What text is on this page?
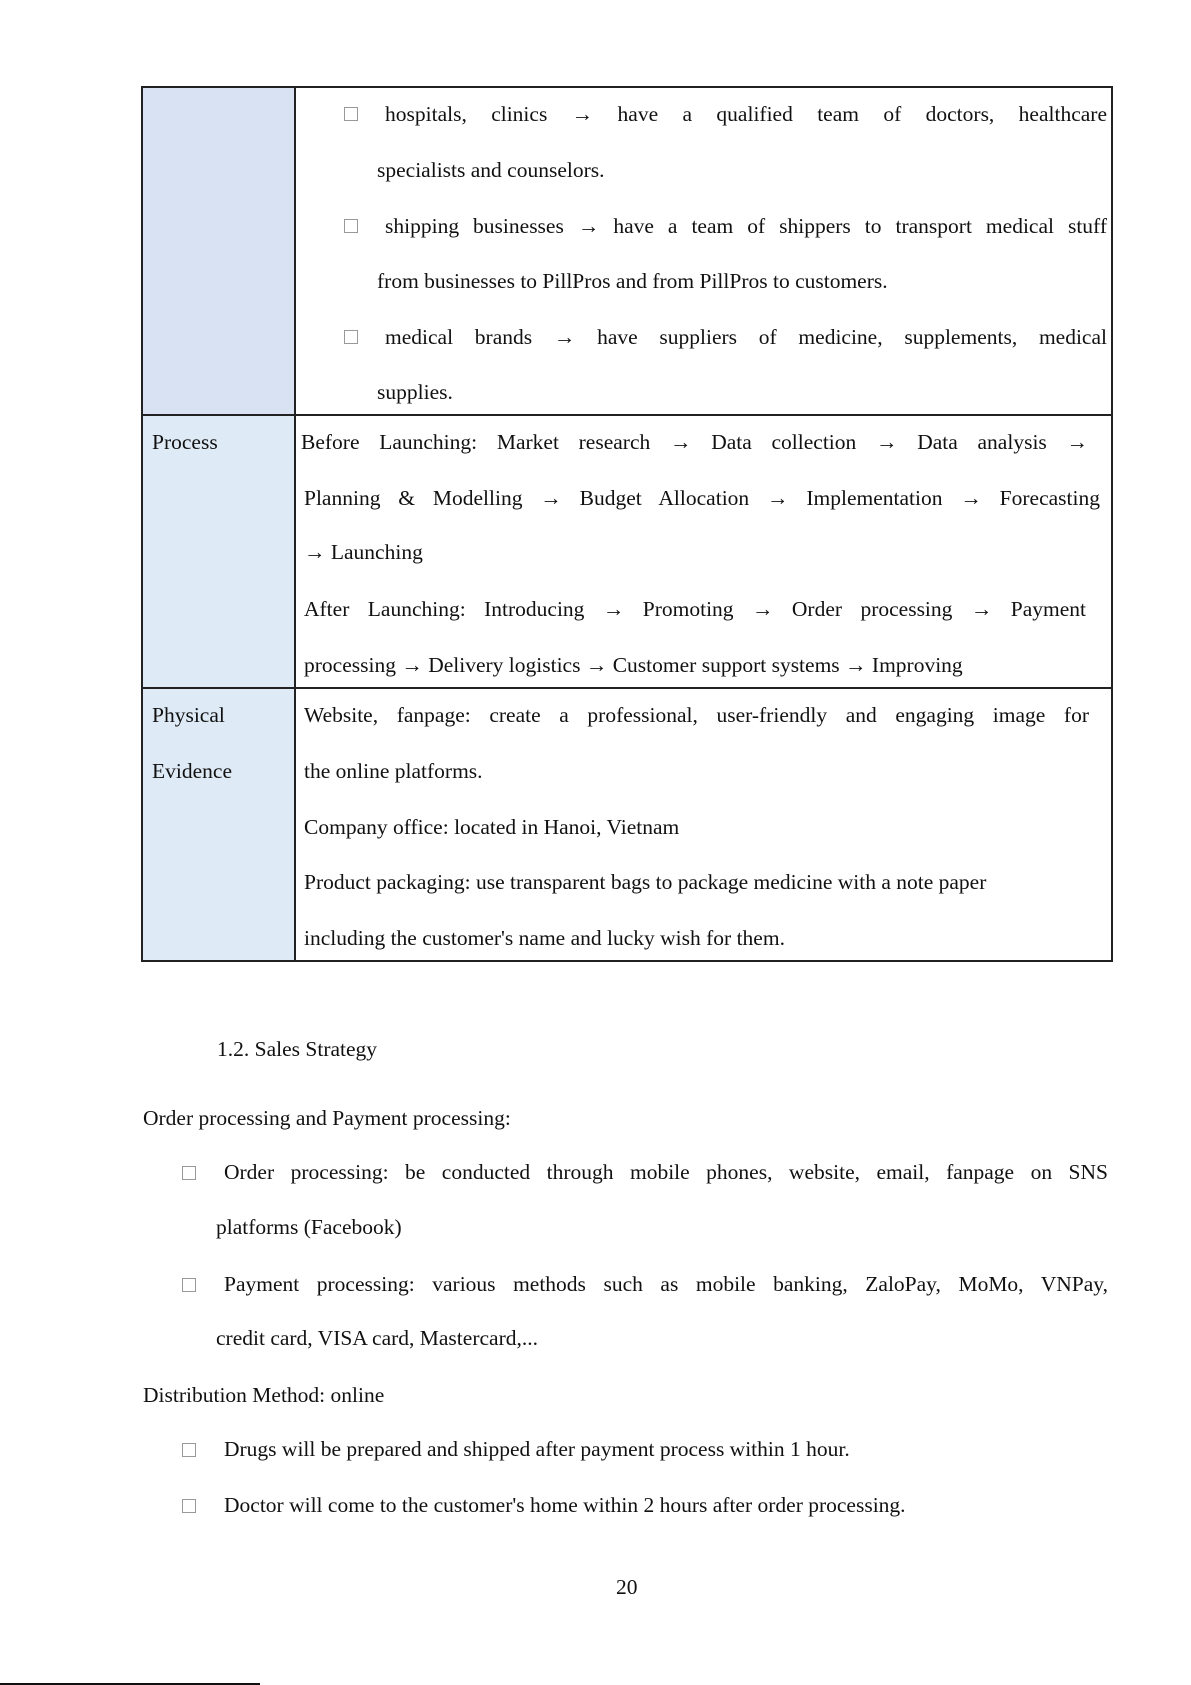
hospitals, clinics → have a qualified team of doctors, healthcare
specialists and counselors.
shipping businesses → have a team of shippers to transport medical stuff
from businesses to PillPros and from PillPros to customers.
medical brands → have suppliers of medicine, supplements, medical
supplies.
Process	Before Launching: Market research → Data collection → Data analysis →
Planning & Modelling → Budget Allocation → Implementation → Forecasting
→ Launching
After Launching: Introducing → Promoting → Order processing → Payment
processing → Delivery logistics → Customer support systems → Improving
Physical
Evidence
Website, fanpage: create a professional, user-friendly and engaging image for
the online platforms.
Company office: located in Hanoi, Vietnam
Product packaging: use transparent bags to package medicine with a note paper
including the customer's name and lucky wish for them.
1.2. Sales Strategy
Order processing and Payment processing:
Order processing: be conducted through mobile phones, website, email, fanpage on SNS
platforms (Facebook)
Payment processing: various methods such as mobile banking, ZaloPay, MoMo, VNPay,
credit card, VISA card, Mastercard,...
Distribution Method: online
Drugs will be prepared and shipped after payment process within 1 hour.
Doctor will come to the customer's home within 2 hours after order processing.
20
